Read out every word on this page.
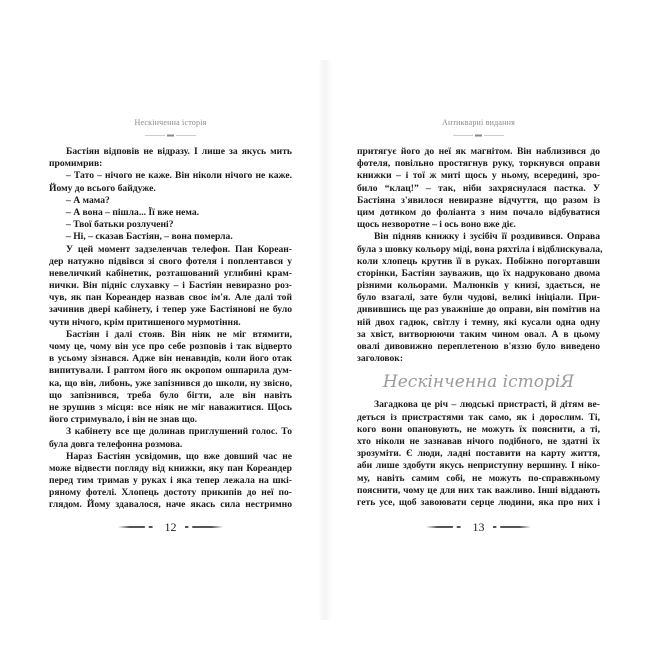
Нескінченна історія
Бастіян відповів не відразу. І лише за якусь мить
промимрив:
– Тато – нічого не каже. Він ніколи нічого не каже.
Йому до всього байдуже.
– А мама?
– А вона – пішла... Її вже нема.
– Твої батьки розлучені?
– Ні, – сказав Бастіян, – вона померла.
У цей момент задзеленчав телефон. Пан Кореан-
дер натужно підвівся зі свого фотеля і поплентався у
невеличкий кабінетик, розташований углибині крам-
нички. Він підніс слухавку – і Бастіян невиразно роз-
чув, як пан Кореандер назвав своє ім'я. Але далі той
зачинив двері кабінету, і тепер уже Бастіянові не було
чути нічого, крім притишеного мурмотіння.
Бастіян і далі стояв. Він ніяк не міг втямити,
чому це, чому він усе про себе розповів і так відверто
в усьому зізнався. Адже він ненавидів, коли його отак
випитували. І раптом його як окропом ошпарила дум-
ка, що він, либонь, уже запізнився до школи, ну звісно,
що запізнився, треба було бігти, але він навіть
не зрушив з місця: все ніяк не міг наважитися. Щось
його стримувало, і він не знав що.
З кабінету все ще долинав приглушений голос. То
була довга телефонна розмова.
Нараз Бастіян усвідомив, що вже довший час не
може відвести погляду від книжки, яку пан Кореандер
перед тим тримав у руках і яка тепер лежала на шкі-
ряному фотелі. Хлопець достоту прикипів до неї по-
глядом. Йому здавалося, наче якась сила нестримно
12
Антикварні видання
притягує його до неї як магнітом. Він наблизився до
фотеля, повільно простягнув руку, торкнувся оправи
книжки – і тої ж миті щось у ньому, всередині, зро-
било “клац!” – так, ніби захряснулася пастка. У
Бастіяна з'явилося невиразне відчуття, що разом із
цим дотиком до фоліанта з ним почало відбуватися
щось незворотне – і ось воно вже діє.
Він підняв книжку і зусібіч її роздивився. Оправа
була з шовку кольору міді, вона ряхтіла і відблискувала,
коли хлопець крутив її в руках. Побіжно погортавши
сторінки, Бастіян зауважив, що їх надруковано двома
різними кольорами. Малюнків у книзі, здається, не
було взагалі, зате були чудові, великі ініціали. При-
дивившись ще раз уважніше до оправи, він помітив на
ній двох гадюк, світлу і темну, які кусали одна одну
за хвіст, витворюючи таким чином овал. А в цьому
овалі дивовижно переплетеною в'яззю було виведено
заголовок:
Нескінченна історіЯ
Загадкова це річ – людські пристрасті, й дітям ве-
деться із пристрастями так само, як і дорослим. Ті,
кого вони опановують, не можуть їх пояснити, а ті,
хто ніколи не зазнавав нічого подібного, не здатні їх
зрозуміти. Є люди, ладні поставити на карту життя,
аби лише здобути якусь неприступну вершину. І ніко-
му, навіть самим собі, не можуть по-справжньому
пояснити, чому це для них так важливо. Інші віддають
геть усе, щоб завоювати серце людини, яка про них і
13
